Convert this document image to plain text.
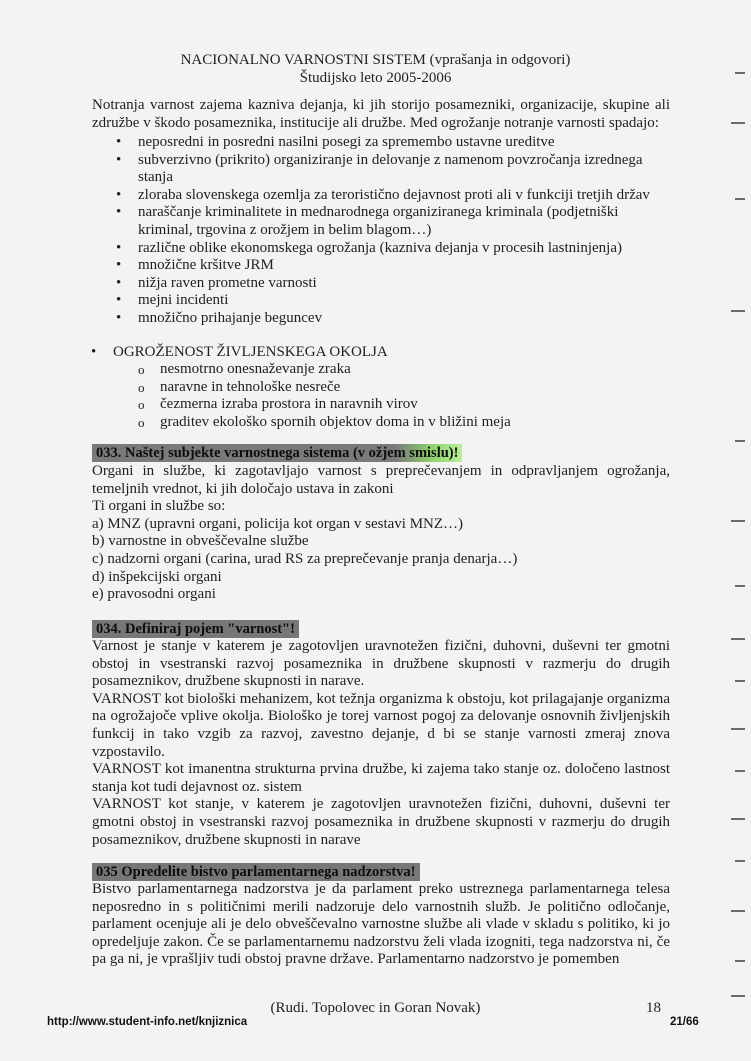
NACIONALNO VARNOSTNI SISTEM (vprašanja in odgovori)
Študijsko leto 2005-2006
Notranja varnost zajema kazniva dejanja, ki jih storijo posamezniki, organizacije, skupine ali združbe v škodo posameznika, institucije ali družbe. Med ogrožanje notranje varnosti spadajo:
• neposredni in posredni nasilni posegi za spremembo ustavne ureditve
• subverzivno (prikrito) organiziranje in delovanje z namenom povzročanja izrednega stanja
• zloraba slovenskega ozemlja za teroristično dejavnost proti ali v funkciji tretjih držav
• naraščanje kriminalitete in mednarodnega organiziranega kriminala (podjetniški kriminal, trgovina z orožjem in belim blagom…)
• različne oblike ekonomskega ogrožanja (kazniva dejanja v procesih lastninjenja)
• množične kršitve JRM
• nižja raven prometne varnosti
• mejni incidenti
• množično prihajanje beguncev
• OGROŽENOST ŽIVLJENSKEGA OKOLJA
o nesmotrno onesnaževanje zraka
o naravne in tehnološke nesreče
o čezmerna izraba prostora in naravnih virov
o graditev ekološko spornih objektov doma in v bližini meja
033. Naštej subjekte varnostnega sistema (v ožjem smislu)!

Organi in službe, ki zagotavljajo varnost s preprečevanjem in odpravljanjem ogrožanja, temeljnih vrednot, ki jih določajo ustava in zakoni

Ti organi in službe so:

a) MNZ (upravni organi, policija kot organ v sestavi MNZ…)

b) varnostne in obveščevalne službe

c) nadzorni organi (carina, urad RS za preprečevanje pranja denarja…)

d) inšpekcijski organi

e) pravosodni organi

034. Definiraj pojem "varnost"!

Varnost je stanje v katerem je zagotovljen uravnotežen fizični, duhovni, duševni ter gmotni obstoj in vsestranski razvoj posameznika in družbene skupnosti v razmerju do drugih posameznikov, družbene skupnosti in narave.

VARNOST kot biološki mehanizem, kot težnja organizma k obstoju, kot prilagajanje organizma na ogrožajoče vplive okolja. Biološko je torej varnost pogoj za delovanje osnovnih življenjskih funkcij in tako vzgib za razvoj, zavestno dejanje, d bi se stanje varnosti zmeraj znova vzpostavilo.

VARNOST kot imanentna strukturna prvina družbe, ki zajema tako stanje oz. določeno lastnost stanja kot tudi dejavnost oz. sistem

VARNOST kot stanje, v katerem je zagotovljen uravnotežen fizični, duhovni, duševni ter gmotni obstoj in vsestranski razvoj posameznika in družbene skupnosti v razmerju do drugih posameznikov, družbene skupnosti in narave

035 Opredelite bistvo parlamentarnega nadzorstva!
Bistvo parlamentarnega nadzorstva je da parlament preko ustreznega parlamentarnega telesa neposredno in s političnimi merili nadzoruje delo varnostnih služb. Je politično odločanje, parlament ocenjuje ali je delo obveščevalno varnostne službe ali vlade v skladu s politiko, ki jo opredeljuje zakon. Če se parlamentarnemu nadzorstvu želi vlada izogniti, tega nadzorstva ni, če pa ga ni, je vprašljiv tudi obstoj pravne države. Parlamentarno nadzorstvo je pomemben
(Rudi. Topolovec in Goran Novak)	18
http://www.student-info.net/knjiznica	21/66
